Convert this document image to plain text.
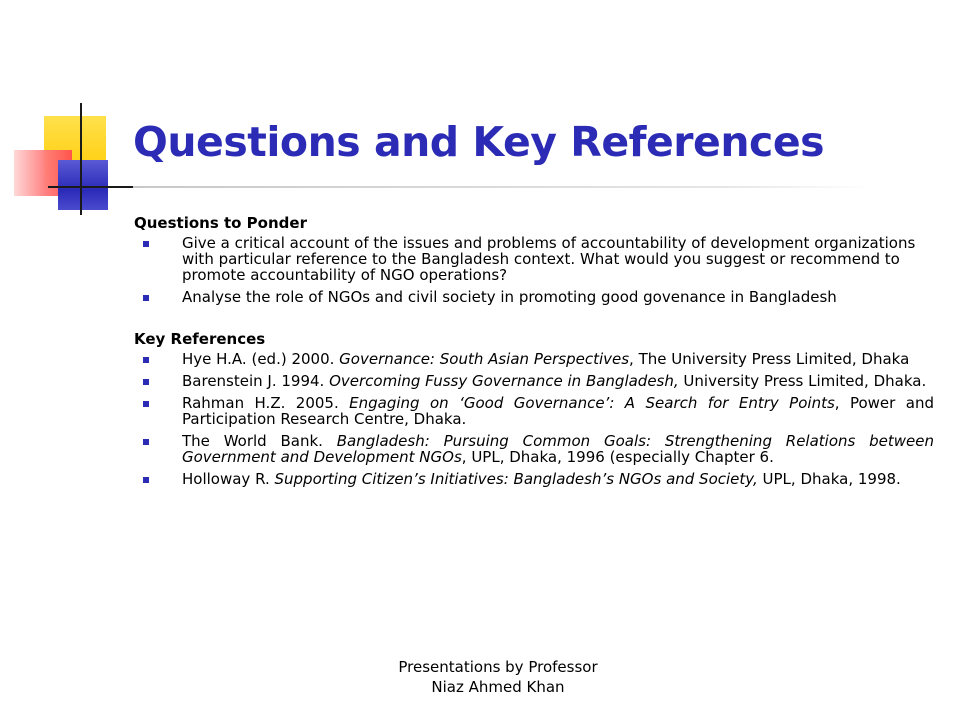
Questions and Key References
Questions to Ponder
Give a critical account of the issues and problems of accountability of development organizations with particular reference to the Bangladesh context. What would you suggest or recommend to promote accountability of NGO operations?
Analyse the role of NGOs and civil society in promoting good govenance in Bangladesh
Key References
Hye H.A. (ed.) 2000. Governance: South Asian Perspectives, The University Press Limited, Dhaka
Barenstein J. 1994. Overcoming Fussy Governance in Bangladesh, University Press Limited, Dhaka.
Rahman H.Z. 2005. Engaging on ‘Good Governance’: A Search for Entry Points, Power and Participation Research Centre, Dhaka.
The World Bank. Bangladesh: Pursuing Common Goals: Strengthening Relations between Government and Development NGOs, UPL, Dhaka, 1996 (especially Chapter 6.
Holloway R. Supporting Citizen’s Initiatives: Bangladesh’s NGOs and Society, UPL, Dhaka, 1998.
Presentations by Professor Niaz Ahmed Khan
